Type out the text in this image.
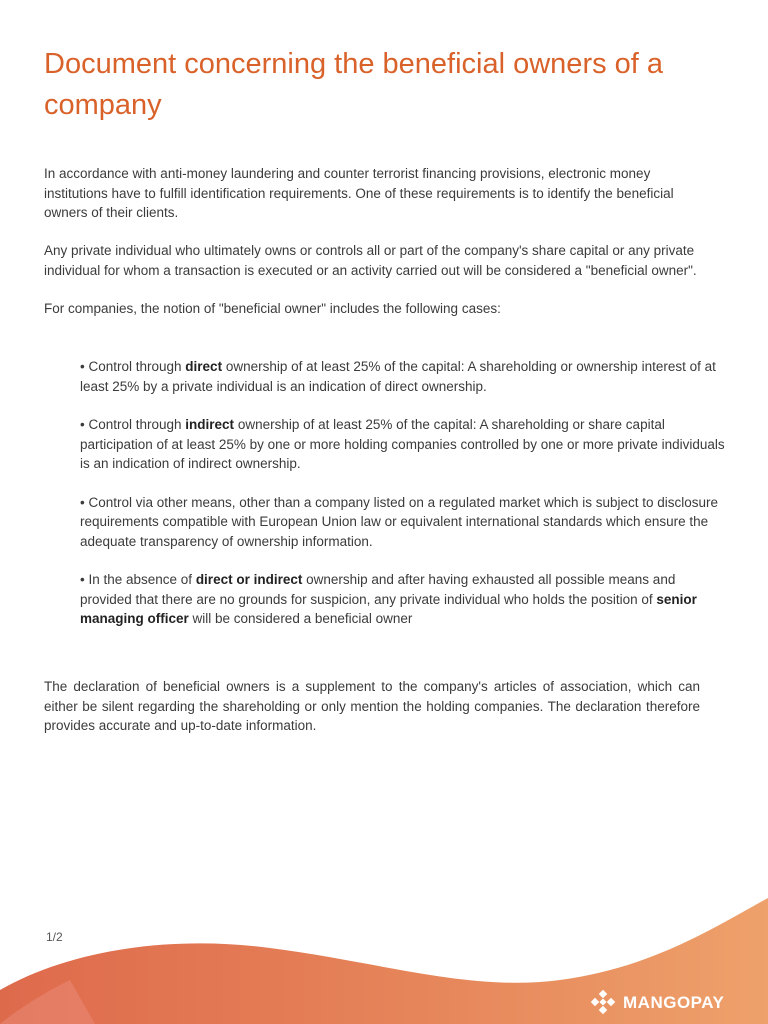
Document concerning the beneficial owners of a company

In accordance with anti-money laundering and counter terrorist financing provisions, electronic money institutions have to fulfill identification requirements. One of these requirements is to identify the beneficial owners of their clients.

Any private individual who ultimately owns or controls all or part of the company's share capital or any private individual for whom a transaction is executed or an activity carried out will be considered a "beneficial owner".

For companies, the notion of "beneficial owner" includes the following cases:

• Control through direct ownership of at least 25% of the capital: A shareholding or ownership interest of at least 25% by a private individual is an indication of direct ownership.
• Control through indirect ownership of at least 25% of the capital: A shareholding or share capital participation of at least 25% by one or more holding companies controlled by one or more private individuals is an indication of indirect ownership.
• Control via other means, other than a company listed on a regulated market which is subject to disclosure requirements compatible with European Union law or equivalent international standards which ensure the adequate transparency of ownership information.
• In the absence of direct or indirect ownership and after having exhausted all possible means and provided that there are no grounds for suspicion, any private individual who holds the position of senior managing officer will be considered a beneficial owner

The declaration of beneficial owners is a supplement to the company's articles of association, which can either be silent regarding the shareholding or only mention the holding companies. The declaration therefore provides accurate and up-to-date information.

1/2
MANGOPAY
